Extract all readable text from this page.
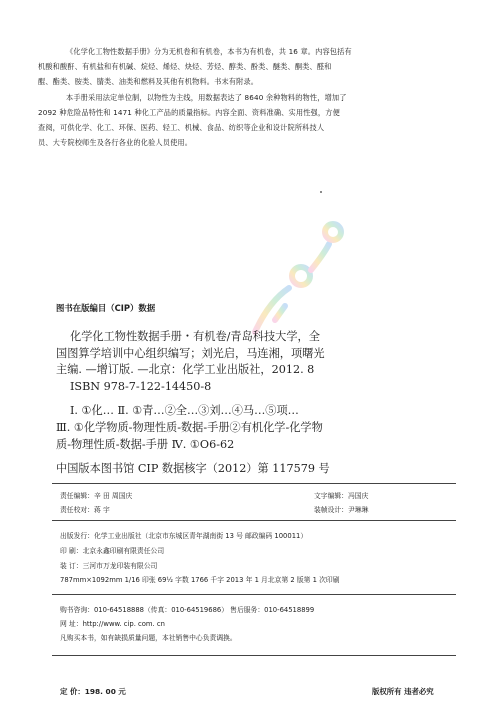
《化学化工物性数据手册》分为无机卷和有机卷，本书为有机卷，共 16 章。内容包括有
机酸和酸酐、有机盐和有机碱、烷烃、烯烃、炔烃、芳烃、醇类、酚类、醚类、酮类、醛和
醌、酯类、胺类、腈类、油类和燃料及其他有机物料。书末有附录。

本手册采用法定单位制，以物性为主线，用数据表达了 8640 余种物料的物性，增加了
2092 种危险品特性和 1471 种化工产品的质量指标。内容全面、资料准确、实用性强，方便
查阅，可供化学、化工、环保、医药、轻工、机械、食品、纺织等企业和设计院所科技人
员、大专院校师生及各行各业的化验人员使用。

图书在版编目（CIP）数据
化学化工物性数据手册・有机卷/青岛科技大学，全
国图算学培训中心组织编写；刘光启，马连湘，项曙光
主编. —增订版. —北京：化学工业出版社，2012. 8
ISBN 978-7-122-14450-8
Ⅰ. ①化… Ⅱ. ①青…②全…③刘…④马…⑤项…
Ⅲ. ①化学物质-物理性质-数据-手册②有机化学-化学物
质-物理性质-数据-手册 Ⅳ. ①O6-62
中国版本图书馆 CIP 数据核字（2012）第 117579 号
责任编辑：辛 田 周国庆
责任校对：蒋 宇
文字编辑：冯国庆
装帧设计：尹琳琳
出版发行：化学工业出版社（北京市东城区青年湖南街 13 号 邮政编码 100011）
印 刷：北京永鑫印刷有限责任公司
装 订：三河市万龙印装有限公司
787mm×1092mm 1/16 印张 69½ 字数 1766 千字 2013 年 1 月北京第 2 版第 1 次印刷
购书咨询：010-64518888（传真：010-64519686） 售后服务：010-64518899
网 址：http://www. cip. com. cn
凡购买本书，如有缺损质量问题，本社销售中心负责调换。
定 价：198. 00 元	版权所有 违者必究
